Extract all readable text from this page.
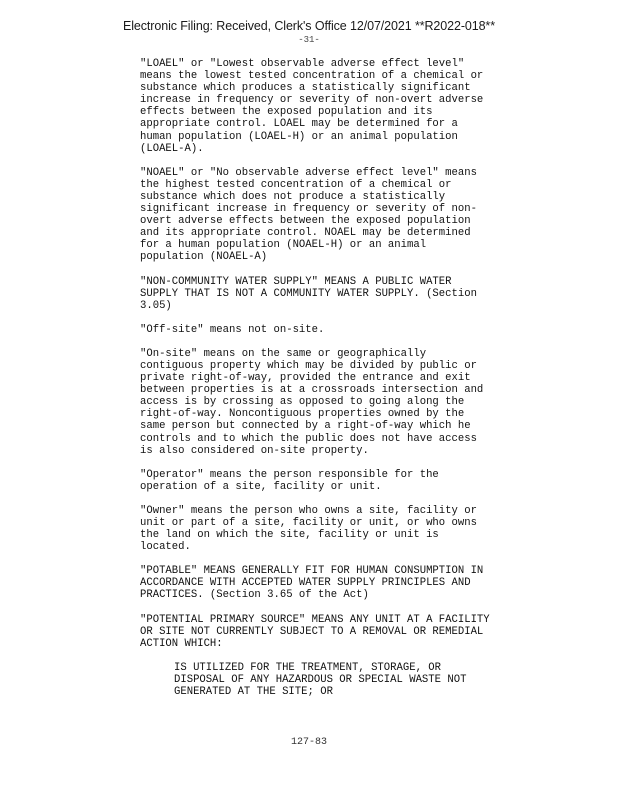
Electronic Filing: Received, Clerk's Office 12/07/2021 **R2022-018**
-31-

"LOAEL" or "Lowest observable adverse effect level"
means the lowest tested concentration of a chemical or
substance which produces a statistically significant
increase in frequency or severity of non-overt adverse
effects between the exposed population and its
appropriate control. LOAEL may be determined for a
human population (LOAEL-H) or an animal population
(LOAEL-A).

"NOAEL" or "No observable adverse effect level" means
the highest tested concentration of a chemical or
substance which does not produce a statistically
significant increase in frequency or severity of non-
overt adverse effects between the exposed population
and its appropriate control. NOAEL may be determined
for a human population (NOAEL-H) or an animal
population (NOAEL-A)

"NON-COMMUNITY WATER SUPPLY" MEANS A PUBLIC WATER
SUPPLY THAT IS NOT A COMMUNITY WATER SUPPLY. (Section
3.05)

"Off-site" means not on-site.

"On-site" means on the same or geographically
contiguous property which may be divided by public or
private right-of-way, provided the entrance and exit
between properties is at a crossroads intersection and
access is by crossing as opposed to going along the
right-of-way. Noncontiguous properties owned by the
same person but connected by a right-of-way which he
controls and to which the public does not have access
is also considered on-site property.

"Operator" means the person responsible for the
operation of a site, facility or unit.

"Owner" means the person who owns a site, facility or
unit or part of a site, facility or unit, or who owns
the land on which the site, facility or unit is
located.

"POTABLE" MEANS GENERALLY FIT FOR HUMAN CONSUMPTION IN
ACCORDANCE WITH ACCEPTED WATER SUPPLY PRINCIPLES AND
PRACTICES. (Section 3.65 of the Act)

"POTENTIAL PRIMARY SOURCE" MEANS ANY UNIT AT A FACILITY
OR SITE NOT CURRENTLY SUBJECT TO A REMOVAL OR REMEDIAL
ACTION WHICH:

IS UTILIZED FOR THE TREATMENT, STORAGE, OR
DISPOSAL OF ANY HAZARDOUS OR SPECIAL WASTE NOT
GENERATED AT THE SITE; OR

127-83
